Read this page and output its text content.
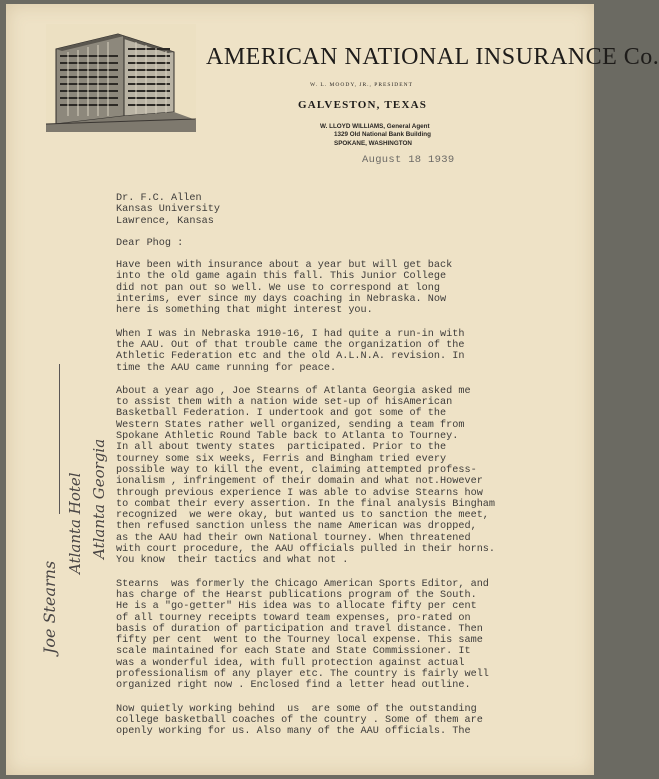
AMERICAN NATIONAL INSURANCE Co.
W. L. MOODY, JR., PRESIDENT
GALVESTON, TEXAS
W. LLOYD WILLIAMS, General Agent
1329 Old National Bank Building
SPOKANE, WASHINGTON
August 18 1939
Dr. F.C. Allen
Kansas University
Lawrence, Kansas
Dear Phog :
Have been with insurance about a year but will get back
into the old game again this fall. This Junior College
did not pan out so well. We use to correspond at long
interims, ever since my days coaching in Nebraska. Now
here is something that might interest you.
When I was in Nebraska 1910-16, I had quite a run-in with
the AAU. Out of that trouble came the organization of the
Athletic Federation etc and the old A.L.N.A. revision. In
time the AAU came running for peace.
About a year ago , Joe Stearns of Atlanta Georgia asked me
to assist them with a nation wide set-up of hisAmerican
Basketball Federation. I undertook and got some of the
Western States rather well organized, sending a team from
Spokane Athletic Round Table back to Atlanta to Tourney.
In all about twenty states  participated. Prior to the
tourney some six weeks, Ferris and Bingham tried every
possible way to kill the event, claiming attempted profess-
ionalism , infringement of their domain and what not.However
through previous experience I was able to advise Stearns how
to combat their every assertion. In the final analysis Bingham
recognized  we were okay, but wanted us to sanction the meet,
then refused sanction unless the name American was dropped,
as the AAU had their own National tourney. When threatened
with court procedure, the AAU officials pulled in their horns.
You know  their tactics and what not .
Stearns  was formerly the Chicago American Sports Editor, and
has charge of the Hearst publications program of the South.
He is a "go-getter" His idea was to allocate fifty per cent
of all tourney receipts toward team expenses, pro-rated on
basis of duration of participation and travel distance. Then
fifty per cent  went to the Tourney local expense. This same
scale maintained for each State and State Commissioner. It
was a wonderful idea, with full protection against actual
professionalism of any player etc. The country is fairly well
organized right now . Enclosed find a letter head outline.
Now quietly working behind  us  are some of the outstanding
college basketball coaches of the country . Some of them are
openly working for us. Also many of the AAU officials. The
Joe Stearns
Atlanta Hotel Atlanta Georgia
